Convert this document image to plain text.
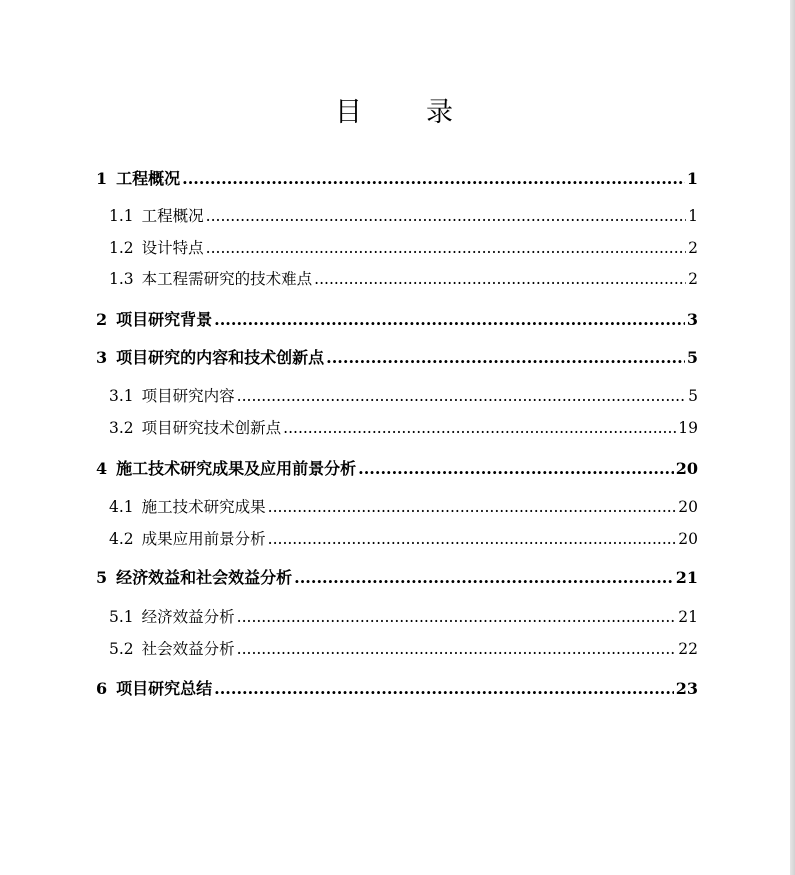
目 录
1 工程概况 .....	1
1.1 工程概况 .....	1
1.2 设计特点 .....	2
1.3 本工程需研究的技术难点 .....	2
2 项目研究背景 .....	3
3 项目研究的内容和技术创新点 .....	5
3.1 项目研究内容 .....	5
3.2 项目研究技术创新点 .....	19
4 施工技术研究成果及应用前景分析 .....	20
4.1 施工技术研究成果 .....	20
4.2 成果应用前景分析 .....	20
5 经济效益和社会效益分析 .....	21
5.1 经济效益分析 .....	21
5.2 社会效益分析 .....	22
6 项目研究总结 .....	23
